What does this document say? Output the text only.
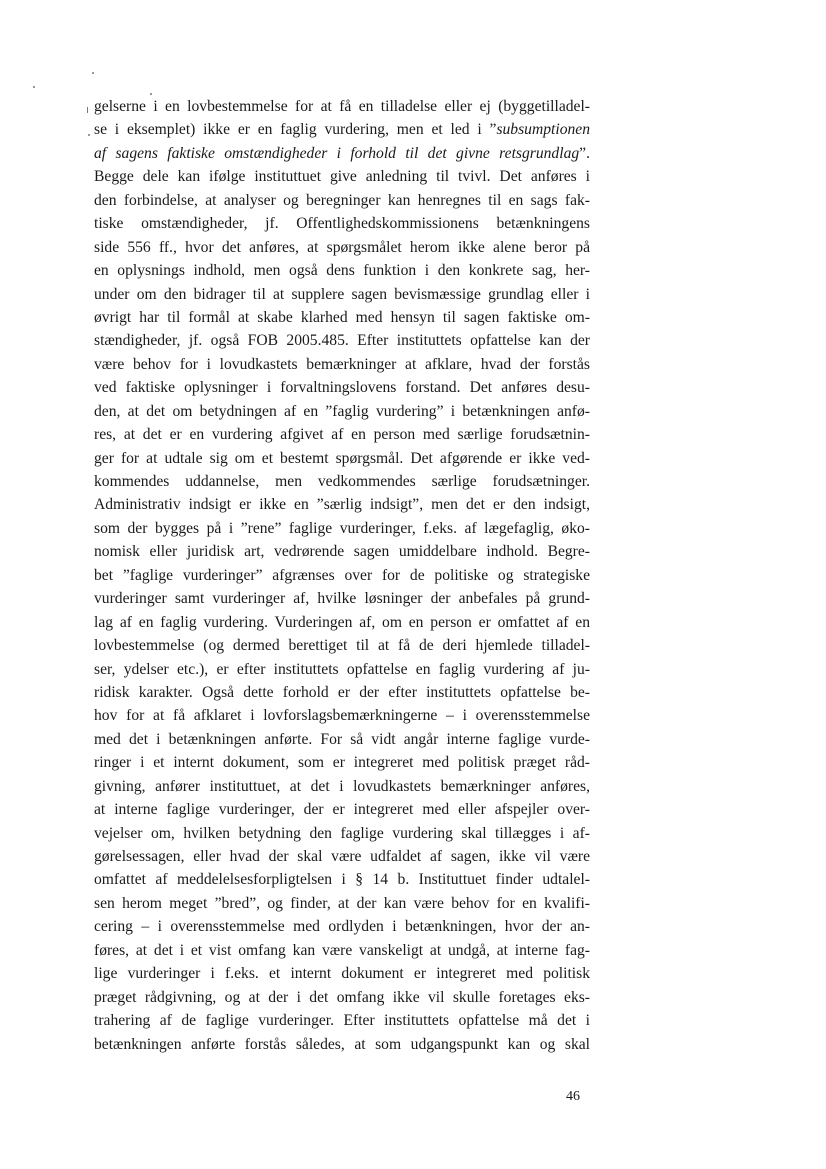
gelserne i en lovbestemmelse for at få en tilladelse eller ej (byggetilladel-
se i eksemplet) ikke er en faglig vurdering, men et led i ”subsumptionen
af sagens faktiske omstændigheder i forhold til det givne retsgrundlag”.
Begge dele kan ifølge instituttuet give anledning til tvivl. Det anføres i
den forbindelse, at analyser og beregninger kan henregnes til en sags fak-
tiske omstændigheder, jf. Offentlighedskommissionens betænkningens
side 556 ff., hvor det anføres, at spørgsmålet herom ikke alene beror på
en oplysnings indhold, men også dens funktion i den konkrete sag, her-
under om den bidrager til at supplere sagen bevismæssige grundlag eller i
øvrigt har til formål at skabe klarhed med hensyn til sagen faktiske om-
stændigheder, jf. også FOB 2005.485. Efter instituttets opfattelse kan der
være behov for i lovudkastets bemærkninger at afklare, hvad der forstås
ved faktiske oplysninger i forvaltningslovens forstand. Det anføres desu-
den, at det om betydningen af en ”faglig vurdering” i betænkningen anfø-
res, at det er en vurdering afgivet af en person med særlige forudsætnin-
ger for at udtale sig om et bestemt spørgsmål. Det afgørende er ikke ved-
kommendes uddannelse, men vedkommendes særlige forudsætninger.
Administrativ indsigt er ikke en ”særlig indsigt”, men det er den indsigt,
som der bygges på i ”rene” faglige vurderinger, f.eks. af lægefaglig, øko-
nomisk eller juridisk art, vedrørende sagen umiddelbare indhold. Begre-
bet ”faglige vurderinger” afgrænses over for de politiske og strategiske
vurderinger samt vurderinger af, hvilke løsninger der anbefales på grund-
lag af en faglig vurdering. Vurderingen af, om en person er omfattet af en
lovbestemmelse (og dermed berettiget til at få de deri hjemlede tilladel-
ser, ydelser etc.), er efter instituttets opfattelse en faglig vurdering af ju-
ridisk karakter. Også dette forhold er der efter instituttets opfattelse be-
hov for at få afklaret i lovforslagsbemærkningerne – i overensstemmelse
med det i betænkningen anførte. For så vidt angår interne faglige vurde-
ringer i et internt dokument, som er integreret med politisk præget råd-
givning, anfører instituttuet, at det i lovudkastets bemærkninger anføres,
at interne faglige vurderinger, der er integreret med eller afspejler over-
vejelser om, hvilken betydning den faglige vurdering skal tillægges i af-
gørelsessagen, eller hvad der skal være udfaldet af sagen, ikke vil være
omfattet af meddelelsesforpligtelsen i § 14 b. Instituttuet finder udtalel-
sen herom meget ”bred”, og finder, at der kan være behov for en kvalifi-
cering – i overensstemmelse med ordlyden i betænkningen, hvor der an-
føres, at det i et vist omfang kan være vanskeligt at undgå, at interne fag-
lige vurderinger i f.eks. et internt dokument er integreret med politisk
præget rådgivning, og at der i det omfang ikke vil skulle foretages eks-
trahering af de faglige vurderinger. Efter instituttets opfattelse må det i
betænkningen anførte forstås således, at som udgangspunkt kan og skal
46
